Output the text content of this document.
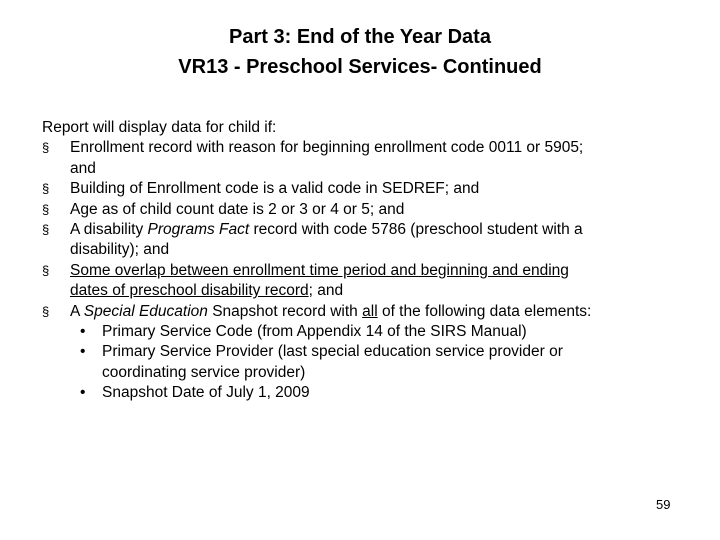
Part 3: End of the Year Data
VR13 - Preschool Services- Continued
Report will display data for child if:
§ Enrollment record with reason for beginning enrollment code 0011 or 5905;
and
§ Building of Enrollment code is a valid code in SEDREF; and
§ Age as of child count date is 2 or 3 or 4 or 5; and
§ A disability Programs Fact record with code 5786 (preschool student with a
disability); and
§ Some overlap between enrollment time period and beginning and ending
dates of preschool disability record; and
§ A Special Education Snapshot record with all of the following data elements:
• Primary Service Code (from Appendix 14 of the SIRS Manual)
• Primary Service Provider (last special education service provider or
coordinating service provider)
• Snapshot Date of July 1, 2009
59
